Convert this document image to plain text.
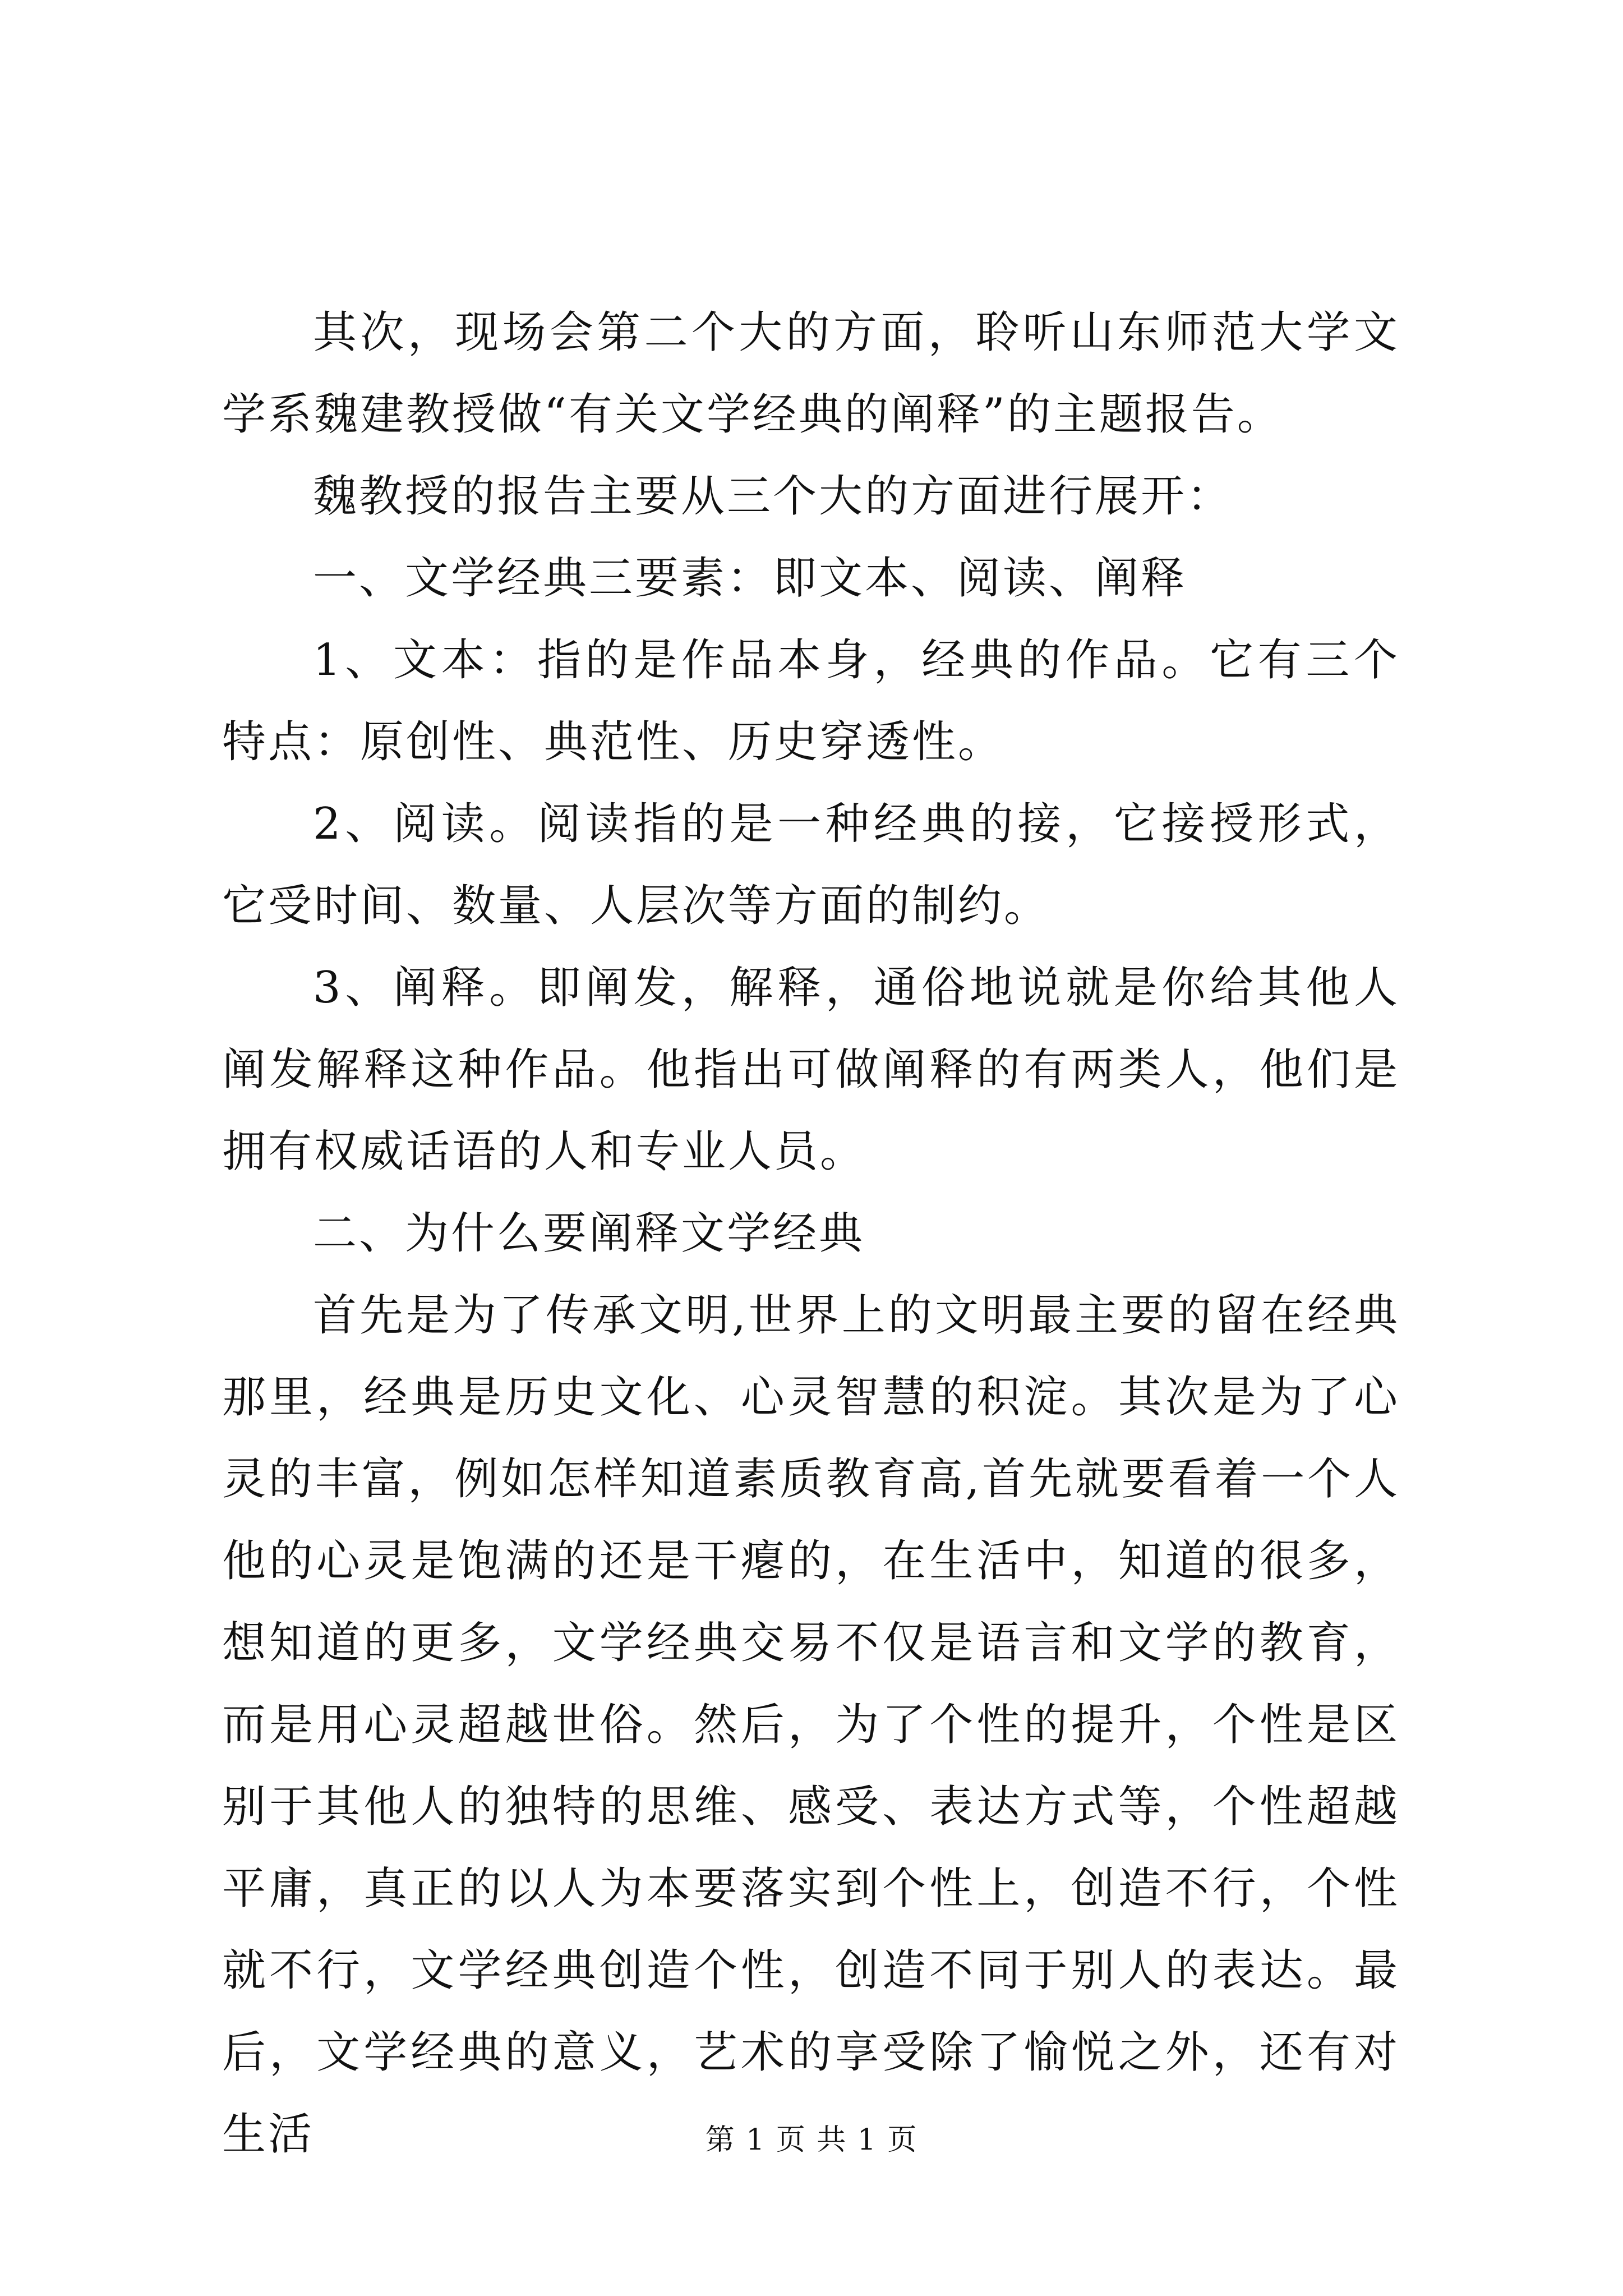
其次，现场会第二个大的方面，聆听山东师范大学文学系魏建教授做“有关文学经典的阐释”的主题报告。

魏教授的报告主要从三个大的方面进行展开：

一、文学经典三要素：即文本、阅读、阐释

1、文本：指的是作品本身，经典的作品。它有三个特点：原创性、典范性、历史穿透性。

2、阅读。阅读指的是一种经典的接，它接授形式，它受时间、数量、人层次等方面的制约。

3、阐释。即阐发，解释，通俗地说就是你给其他人阐发解释这种作品。他指出可做阐释的有两类人，他们是拥有权威话语的人和专业人员。

二、为什么要阐释文学经典

首先是为了传承文明,世界上的文明最主要的留在经典那里，经典是历史文化、心灵智慧的积淀。其次是为了心灵的丰富，例如怎样知道素质教育高,首先就要看着一个人他的心灵是饱满的还是干瘪的，在生活中，知道的很多，想知道的更多，文学经典交易不仅是语言和文学的教育，而是用心灵超越世俗。然后，为了个性的提升，个性是区别于其他人的独特的思维、感受、表达方式等，个性超越平庸，真正的以人为本要落实到个性上，创造不行，个性就不行，文学经典创造个性，创造不同于别人的表达。最后，文学经典的意义，艺术的享受除了愉悦之外，还有对生活	第 1 页 共 1 页
